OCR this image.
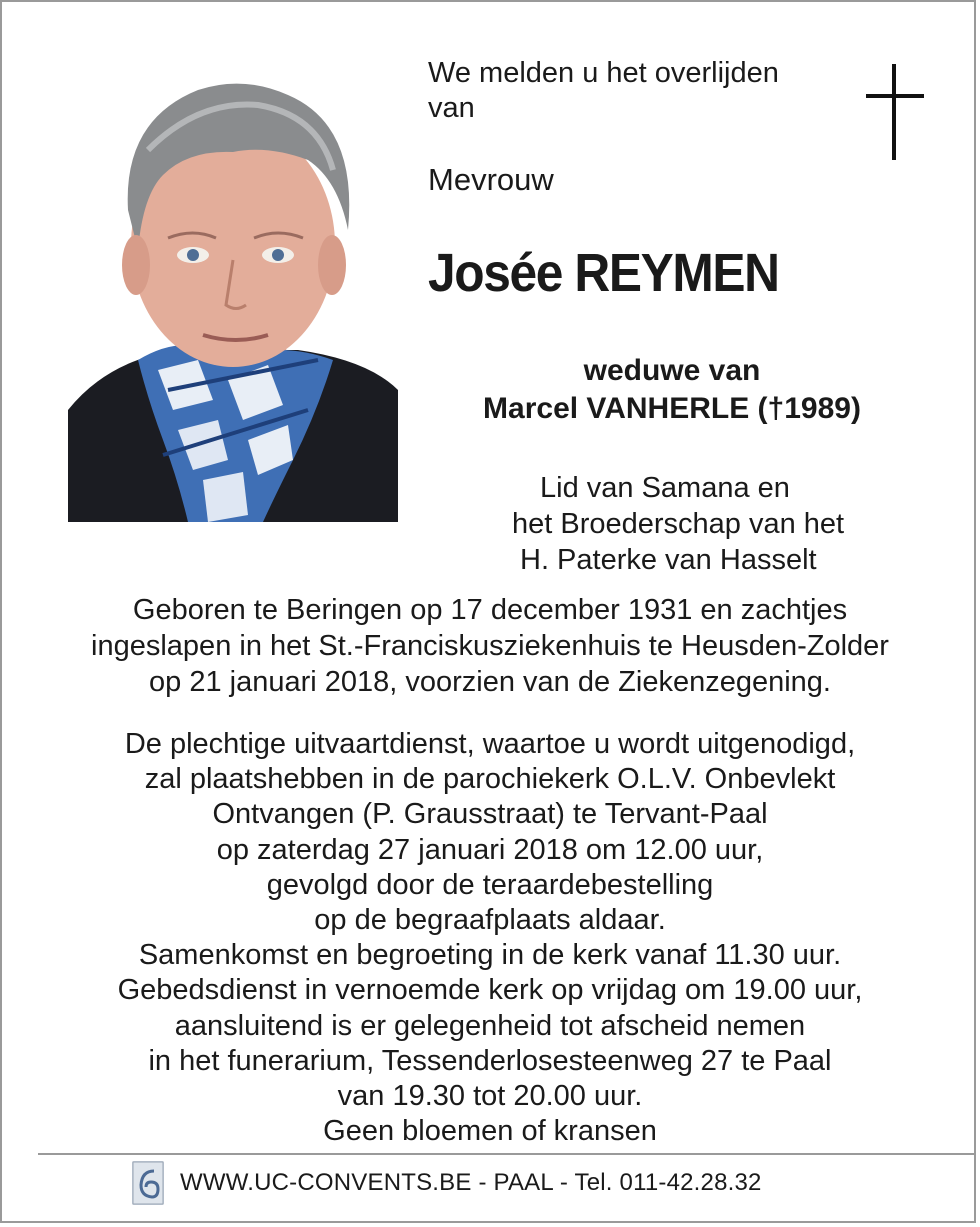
We melden u het overlijden
van
Mevrouw
Josée REYMEN
weduwe van
Marcel VANHERLE (†1989)
Lid van Samana en
het Broederschap van het
H. Paterke van Hasselt
Geboren te Beringen op 17 december 1931 en zachtjes
ingeslapen in het St.-Franciskusziekenhuis te Heusden-Zolder
op 21 januari 2018, voorzien van de Ziekenzegening.
De plechtige uitvaartdienst, waartoe u wordt uitgenodigd,
zal plaatshebben in de parochiekerk O.L.V. Onbevlekt
Ontvangen (P. Grausstraat) te Tervant-Paal
op zaterdag 27 januari 2018 om 12.00 uur,
gevolgd door de teraardebestelling
op de begraafplaats aldaar.
Samenkomst en begroeting in de kerk vanaf 11.30 uur.
Gebedsdienst in vernoemde kerk op vrijdag om 19.00 uur,
aansluitend is er gelegenheid tot afscheid nemen
in het funerarium, Tessenderlosesteenweg 27 te Paal
van 19.30 tot 20.00 uur.
Geen bloemen of kransen
WWW.UC-CONVENTS.BE - PAAL - Tel. 011-42.28.32
